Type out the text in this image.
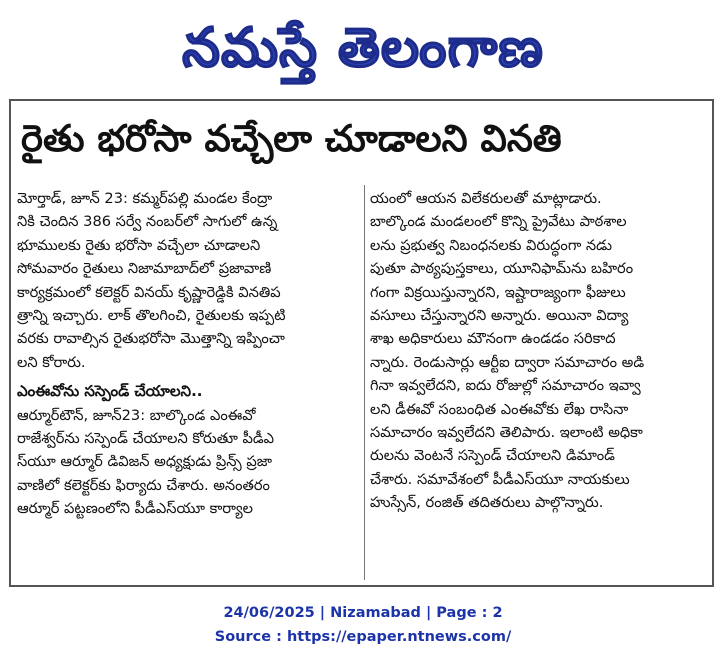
నమస్తే తెలంగాణ
రైతు భరోసా వచ్చేలా చూడాలని వినతి

మోర్తాడ్, జూన్ 23: కమ్మర్‌పల్లి మండల కేంద్రా

నికి చెందిన 386 సర్వే నంబర్‌లో సాగులో ఉన్న

భూములకు రైతు భరోసా వచ్చేలా చూడాలని

సోమవారం రైతులు నిజామాబాద్‌లో ప్రజావాణి

కార్యక్రమంలో కలెక్టర్ వినయ్ కృష్ణారెడ్డికి వినతిప

త్రాన్ని ఇచ్చారు. లాక్ తొలగించి, రైతులకు ఇప్పటి

వరకు రావాల్సిన రైతుభరోసా మొత్తాన్ని ఇప్పించా

లని కోరారు.

ఎంఈవోను సస్పెండ్ చేయాలని..

ఆర్మూర్‌టౌన్, జూన్23: బాల్కొండ ఎంఈవో

రాజేశ్వర్‌ను సస్పెండ్ చేయాలని కోరుతూ పీడీఎ

స్‌యూ ఆర్మూర్ డివిజన్ అధ్యక్షుడు ప్రిన్స్ ప్రజా

వాణిలో కలెక్టర్‌కు ఫిర్యాదు చేశారు. అనంతరం

ఆర్మూర్ పట్టణంలోని పీడీఎస్‌యూ కార్యాల

యంలో ఆయన విలేకరులతో మాట్లాడారు.

బాల్కొండ మండలంలో కొన్ని ప్రైవేటు పాఠశాల

లను ప్రభుత్వ నిబంధనలకు విరుద్ధంగా నడు

పుతూ పాఠ్యపుస్తకాలు, యూనిఫామ్‌ను బహిరం

గంగా విక్రయిస్తున్నారని, ఇష్టారాజ్యంగా ఫీజులు

వసూలు చేస్తున్నారని అన్నారు. అయినా విద్యా

శాఖ అధికారులు మౌనంగా ఉండడం సరికాద

న్నారు. రెండుసార్లు ఆర్టీఐ ద్వారా సమాచారం అడి

గినా ఇవ్వలేదని, ఐదు రోజుల్లో సమాచారం ఇవ్వా

లని డీఈవో సంబంధిత ఎంఈవోకు లేఖ రాసినా

సమాచారం ఇవ్వలేదని తెలిపారు. ఇలాంటి అధికా

రులను వెంటనే సస్పెండ్ చేయాలని డిమాండ్

చేశారు. సమావేశంలో పీడీఎస్‌యూ నాయకులు

హుస్సేన్, రంజిత్ తదితరులు పాల్గొన్నారు.

24/06/2025 | Nizamabad | Page : 2
Source : https://epaper.ntnews.com/
